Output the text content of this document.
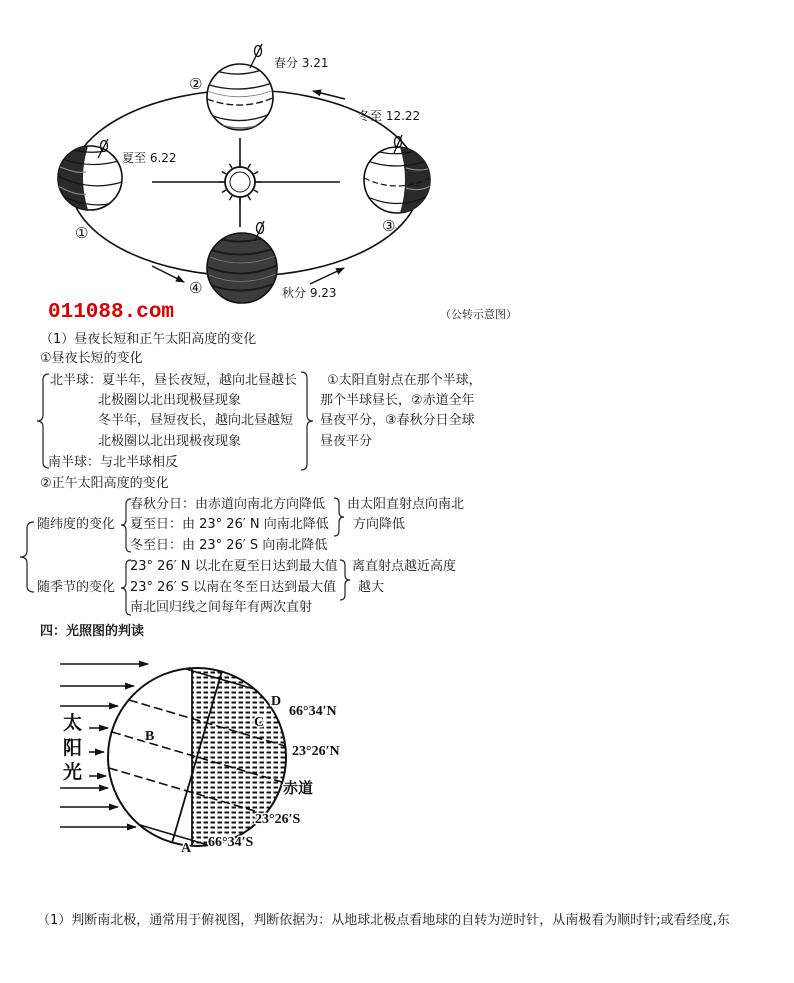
春分 3.21
冬至 12.22
夏至 6.22
秋分 9.23
②
①	③
④
011088.com	（公转示意图）
（1）昼夜长短和正午太阳高度的变化
①昼夜长短的变化
北半球：夏半年，昼长夜短，越向北昼越长
北极圈以北出现极昼现象
冬半年，昼短夜长，越向北昼越短
北极圈以北出现极夜现象
南半球：与北半球相反
①太阳直射点在那个半球，
那个半球昼长，②赤道全年
昼夜平分，③春秋分日全球
昼夜平分
②正午太阳高度的变化
随纬度的变化
春秋分日：由赤道向南北方向降低
夏至日：由 23° 26′ N 向南北降低
冬至日：由 23° 26′ S 向南北降低
由太阳直射点向南北
方向降低
随季节的变化
23° 26′ N 以北在夏至日达到最大值
23° 26′ S 以南在冬至日达到最大值
南北回归线之间每年有两次直射
离直射点越近高度
越大
四：光照图的判读
太
阳
光
B
C
D
A
66°34′N
23°26′N
赤道
23°26′S
66°34′S
（1）判断南北极，通常用于俯视图，判断依据为：从地球北极点看地球的自转为逆时针，从南极看为顺时针;或看经度,东
